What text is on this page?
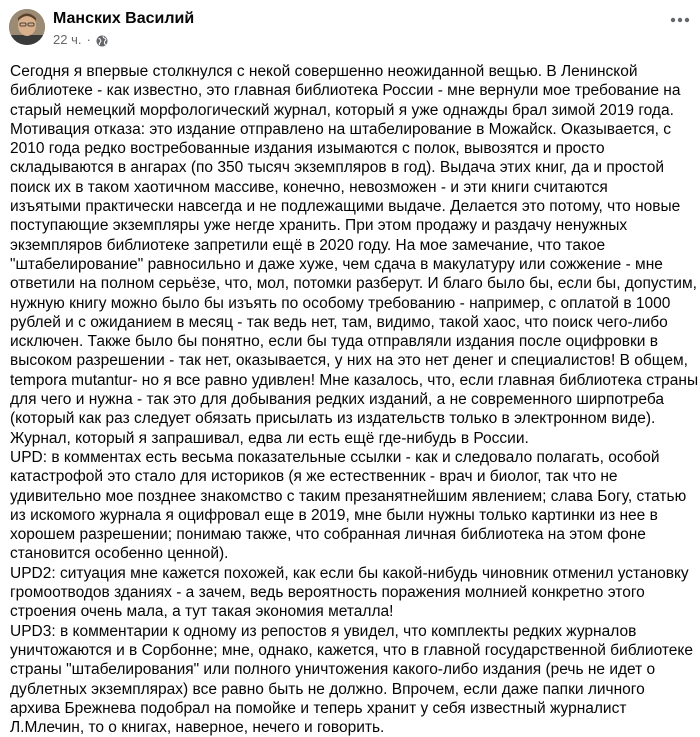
Манских Василий
22 ч. ·
Сегодня я впервые столкнулся с некой совершенно неожиданной вещью. В Ленинской
библиотеке - как известно, это главная библиотека России - мне вернули мое требование на
старый немецкий морфологический журнал, который я уже однажды брал зимой 2019 года.
Мотивация отказа: это издание отправлено на штабелирование в Можайск. Оказывается, с
2010 года редко востребованные издания изымаются с полок, вывозятся и просто
складываются в ангарах (по 350 тысяч экземпляров в год). Выдача этих книг, да и простой
поиск их в таком хаотичном массиве, конечно, невозможен - и эти книги считаются
изъятыми практически навсегда и не подлежащими выдаче. Делается это потому, что новые
поступающие экземпляры уже негде хранить. При этом продажу и раздачу ненужных
экземпляров библиотеке запретили ещё в 2020 году. На мое замечание, что такое
"штабелирование" равносильно и даже хуже, чем сдача в макулатуру или сожжение - мне
ответили на полном серьёзе, что, мол, потомки разберут. И благо было бы, если бы, допустим,
нужную книгу можно было бы изъять по особому требованию - например, с оплатой в 1000
рублей и с ожиданием в месяц - так ведь нет, там, видимо, такой хаос, что поиск чего-либо
исключен. Также было бы понятно, если бы туда отправляли издания после оцифровки в
высоком разрешении - так нет, оказывается, у них на это нет денег и специалистов! В общем,
tempora mutantur- но я все равно удивлен! Мне казалось, что, если главная библиотека страны
для чего и нужна - так это для добывания редких изданий, а не современного ширпотреба
(который как раз следует обязать присылать из издательств только в электронном виде).
Журнал, который я запрашивал, едва ли есть ещё где-нибудь в России.
UPD: в комментах есть весьма показательные ссылки - как и следовало полагать, особой
катастрофой это стало для историков (я же естественник - врач и биолог, так что не
удивительно мое позднее знакомство с таким презанятнейшим явлением; слава Богу, статью
из искомого журнала я оцифровал еще в 2019, мне были нужны только картинки из нее в
хорошем разрешении; понимаю также, что собранная личная библиотека на этом фоне
становится особенно ценной).
UPD2: ситуация мне кажется похожей, как если бы какой-нибудь чиновник отменил установку
громоотводов зданиях - а зачем, ведь вероятность поражения молнией конкретно этого
строения очень мала, а тут такая экономия металла!
UPD3: в комментарии к одному из репостов я увидел, что комплекты редких журналов
уничтожаются и в Сорбонне; мне, однако, кажется, что в главной государственной библиотеке
страны "штабелирования" или полного уничтожения какого-либо издания (речь не идет о
дублетных экземплярах) все равно быть не должно. Впрочем, если даже папки личного
архива Брежнева подобрал на помойке и теперь хранит у себя известный журналист
Л.Млечин, то о книгах, наверное, нечего и говорить.
